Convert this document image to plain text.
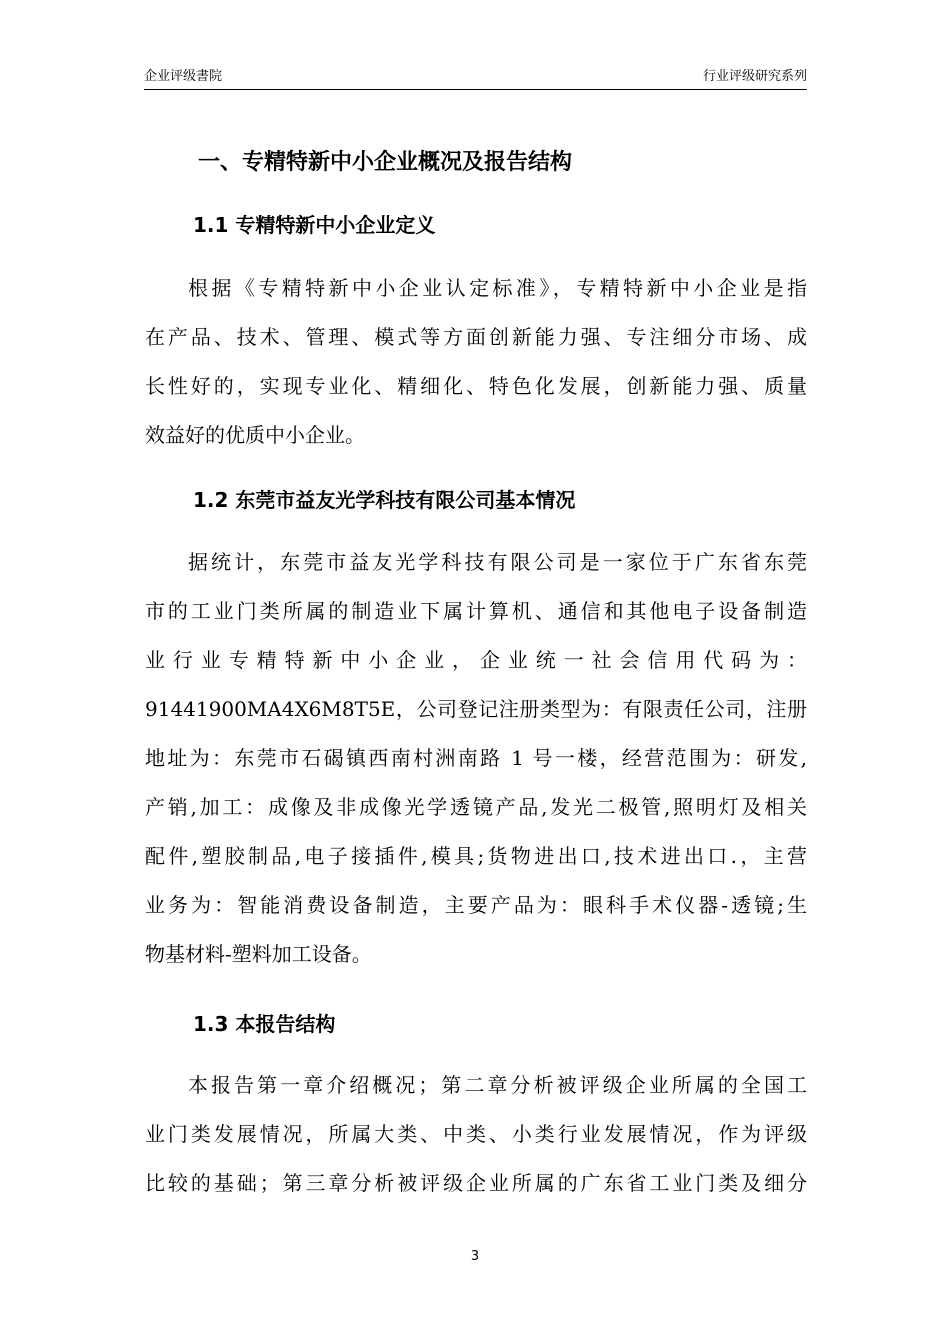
企业评级書院	行业评级研究系列
一、专精特新中小企业概况及报告结构
1.1 专精特新中小企业定义
根据《专精特新中小企业认定标准》，专精特新中小企业是指
在产品、技术、管理、模式等方面创新能力强、专注细分市场、成
长性好的，实现专业化、精细化、特色化发展，创新能力强、质量
效益好的优质中小企业。
1.2 东莞市益友光学科技有限公司基本情况
据统计，东莞市益友光学科技有限公司是一家位于广东省东莞
市的工业门类所属的制造业下属计算机、通信和其他电子设备制造
业行业专精特新中小企业，企业统一社会信用代码为：
91441900MA4X6M8T5E，公司登记注册类型为：有限责任公司，注册
地址为：东莞市石碣镇西南村洲南路 1 号一楼，经营范围为：研发,
产销,加工：成像及非成像光学透镜产品,发光二极管,照明灯及相关
配件,塑胶制品,电子接插件,模具;货物进出口,技术进出口.，主营
业务为：智能消费设备制造，主要产品为：眼科手术仪器-透镜;生
物基材料-塑料加工设备。
1.3 本报告结构
本报告第一章介绍概况；第二章分析被评级企业所属的全国工
业门类发展情况，所属大类、中类、小类行业发展情况，作为评级
比较的基础；第三章分析被评级企业所属的广东省工业门类及细分
3
